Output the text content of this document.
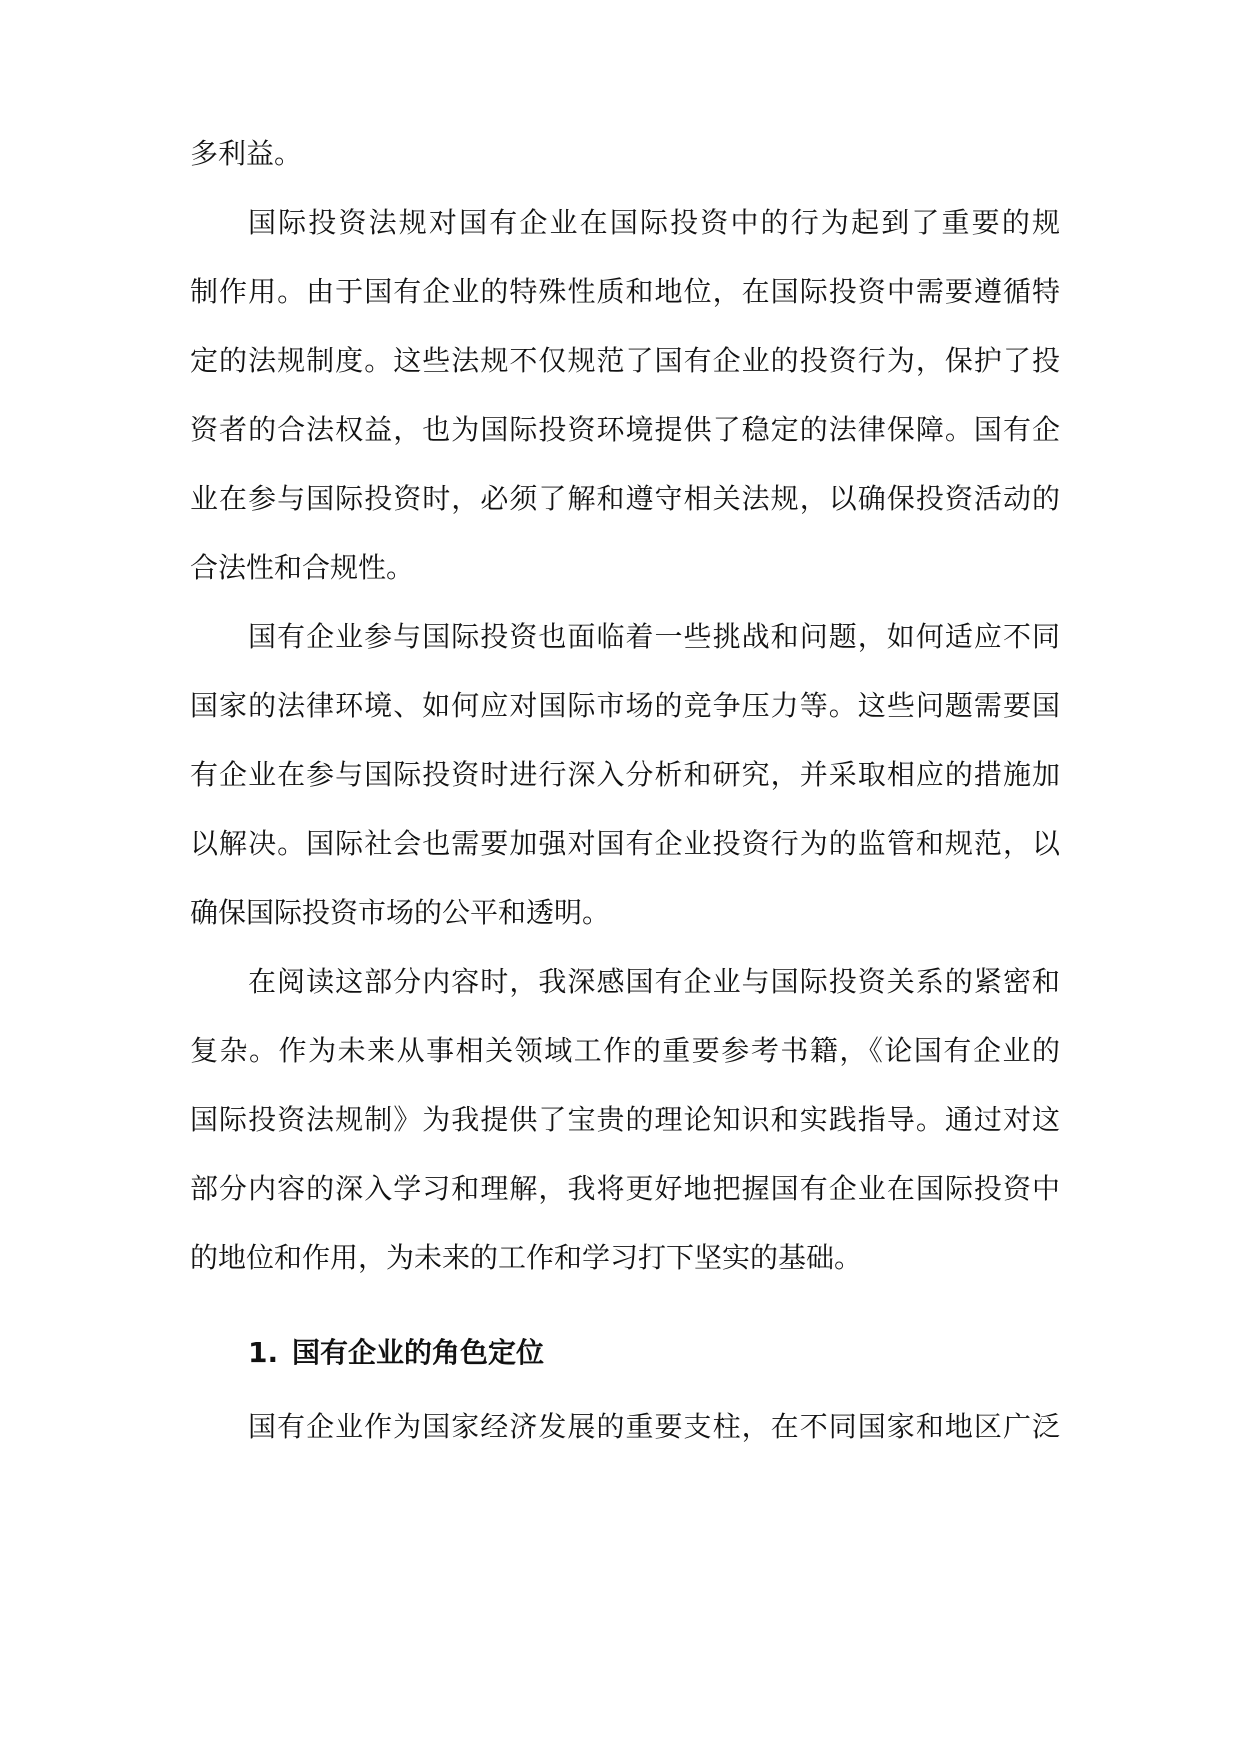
多利益。
国际投资法规对国有企业在国际投资中的行为起到了重要的规
制作用。由于国有企业的特殊性质和地位，在国际投资中需要遵循特
定的法规制度。这些法规不仅规范了国有企业的投资行为，保护了投
资者的合法权益，也为国际投资环境提供了稳定的法律保障。国有企
业在参与国际投资时，必须了解和遵守相关法规，以确保投资活动的
合法性和合规性。
国有企业参与国际投资也面临着一些挑战和问题，如何适应不同
国家的法律环境、如何应对国际市场的竞争压力等。这些问题需要国
有企业在参与国际投资时进行深入分析和研究，并采取相应的措施加
以解决。国际社会也需要加强对国有企业投资行为的监管和规范，以
确保国际投资市场的公平和透明。
在阅读这部分内容时，我深感国有企业与国际投资关系的紧密和
复杂。作为未来从事相关领域工作的重要参考书籍，《论国有企业的
国际投资法规制》为我提供了宝贵的理论知识和实践指导。通过对这
部分内容的深入学习和理解，我将更好地把握国有企业在国际投资中
的地位和作用，为未来的工作和学习打下坚实的基础。
1. 国有企业的角色定位
国有企业作为国家经济发展的重要支柱，在不同国家和地区广泛
